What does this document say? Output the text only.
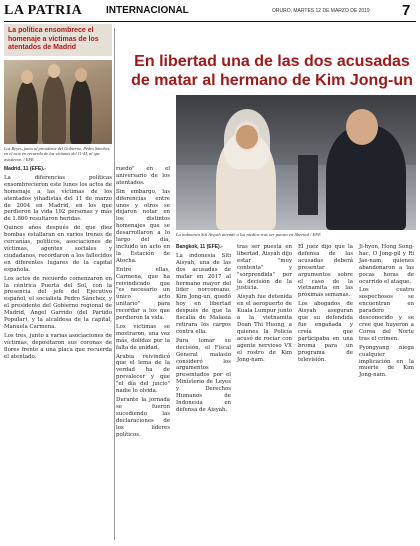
LA PATRIA INTERNACIONAL	ORURO, MARTES 12 DE MARZO DE 2019 7
La política ensombrece el homenaje a víctimas de los atentados de Madrid
Los Reyes, junto al presidente del Gobierno, Pedro Sánchez, en el acto en recuerdo de las víctimas del 11-M, al que asistieron. / EFE
Madrid, 11 (EFE).-

La diferencias políticas ensombrecieron este lunes los actos de homenaje a las víctimas de los atentados yihadistas del 11 de marzo de 2004 en Madrid, en los que perdieron la vida 192 personas y más de 1.800 resultaron heridas.

Quince años después de que diez bombas estallaran en varios trenes de cercanías, políticos, asociaciones de víctimas, agentes sociales y ciudadanos, recordaron a los fallecidos en diferentes lugares de la capital española.

Los actos de recuerdo comenzaron en la céntrica Puerta del Sol, con la presencia del jefe del Ejecutivo español, el socialista Pedro Sánchez, y el presidente del Gobierno regional de Madrid, Ángel Garrido (del Partido Popular), y la alcaldesa de la capital, Manuela Carmena.

Los tres, junto a varias asociaciones de víctimas, depositaron sus coronas de flores frente a una placa que recuerda el atentado.

ruedo" en el aniversario de los atentados.

Sin embargo, las diferencias entre unos y otros se dejaron notar en los distintos homenajes que se desarrollaron a lo largo del día, incluido un acto en la Estación de Atocha.

Entre ellas, Carmena, que ha reivindicado que "es necesario un único acto unitario" para recordar a los que perdieron la vida.

Los víctimas se mostraron, una vez más, dolidas por la falta de unidad.

Arabia reivindicó que el lema de la verdad ha de prevalecer y que "el día del juicio" nadie lo olvida.

Durante la jornada se fueron sucediendo las declaraciones de los líderes políticos.

En libertad una de las dos acusadas de matar al hermano de Kim Jong-un
La indonesia Siti Aisyah atiende a los medios tras ser puesta en libertad / EFE
Bangkok, 11 (EFE).-

La indonesia Siti Aisyah, una de las dos acusadas de matar en 2017 al hermano mayor del líder norcoreano, Kim Jong-un, quedó hoy en libertad después de que la fiscalía de Malasia retirara los cargos contra ella.

Para tomar su decisión, el Fiscal General malasio consideró los argumentos presentados por el Ministerio de Leyes y Derechos Humanos de Indonesia en defensa de Aisyah.

tras ser puesta en libertad, Aisyah dijo estar "muy contenta" y "sorprendida" por la decisión de la justicia.

Aisyah fue detenida en el aeropuerto de Kuala Lumpur junto a la vietnamita Doan Thi Huong, a quienes la Policía acusó de rociar con agente nervioso VX el rostro de Kim Jong-nam.

El juez dijo que la defensa de las acusadas deberá presentar argumentos sobre el caso de la vietnamita en las próximas semanas.

Los abogados de Aisyah aseguran que su defendida fue engañada y creía que participaba en una broma para un programa de televisión.

Ji-hyon, Hong Song-hac, O Jong-gil y Ri Jae-nam, quienes abandonaron a las pocas horas de ocurrido el ataque.

Los cuatro sospechosos se encuentran en paradero desconocido y se cree que huyeron a Corea del Norte tras el crimen.

Pyongyang niega cualquier implicación en la muerte de Kim Jong-nam.
